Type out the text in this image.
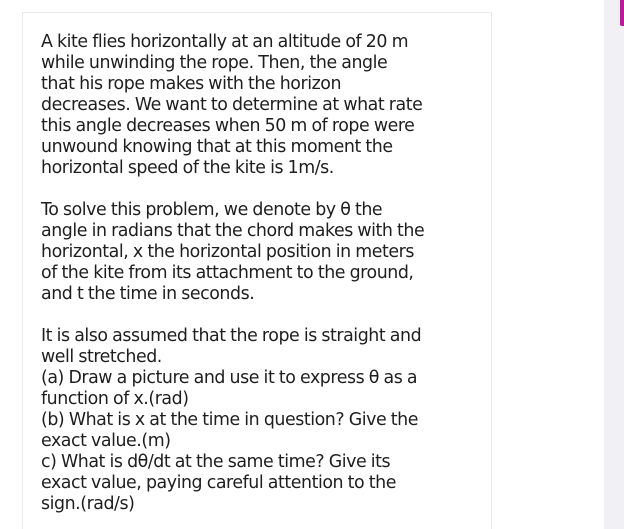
A kite flies horizontally at an altitude of 20 m
while unwinding the rope. Then, the angle
that his rope makes with the horizon
decreases. We want to determine at what rate
this angle decreases when 50 m of rope were
unwound knowing that at this moment the
horizontal speed of the kite is 1m/s.

To solve this problem, we denote by θ the
angle in radians that the chord makes with the
horizontal, x the horizontal position in meters
of the kite from its attachment to the ground,
and t the time in seconds.

It is also assumed that the rope is straight and
well stretched.
(a) Draw a picture and use it to express θ as a
function of x.(rad)
(b) What is x at the time in question? Give the
exact value.(m)
c) What is dθ/dt at the same time? Give its
exact value, paying careful attention to the
sign.(rad/s)
